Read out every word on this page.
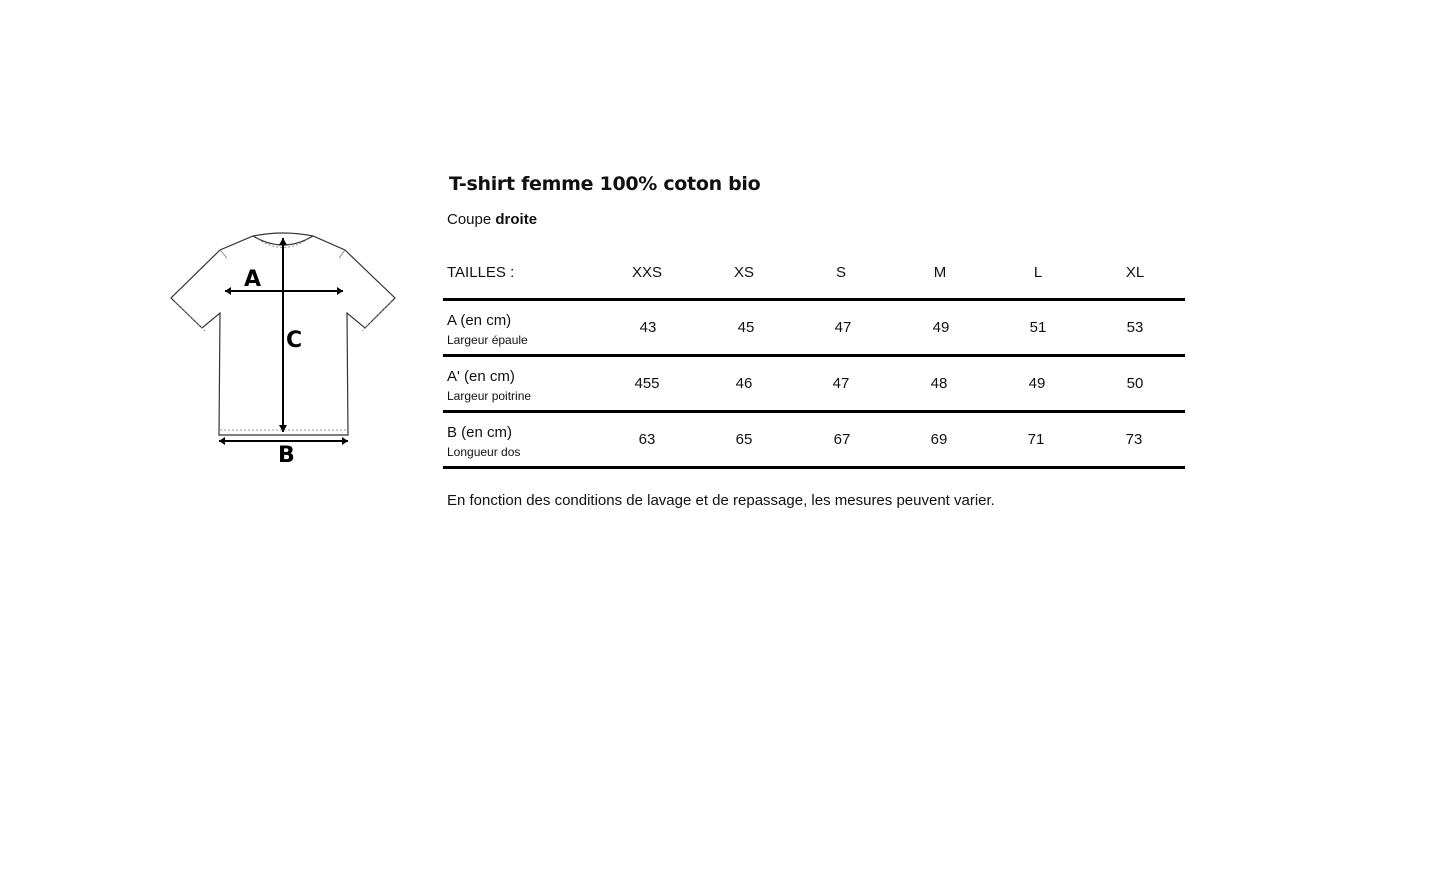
A
C
B
T-shirt femme 100% coton bio
Coupe droite
TAILLES :	XXS	XS	S	M	L	XL
A (en cm)
Largeur épaule
43	45	47	49	51	53
A' (en cm)
Largeur poitrine
455	46	47	48	49	50
B (en cm)
Longueur dos
63	65	67	69	71	73
En fonction des conditions de lavage et de repassage, les mesures peuvent varier.
